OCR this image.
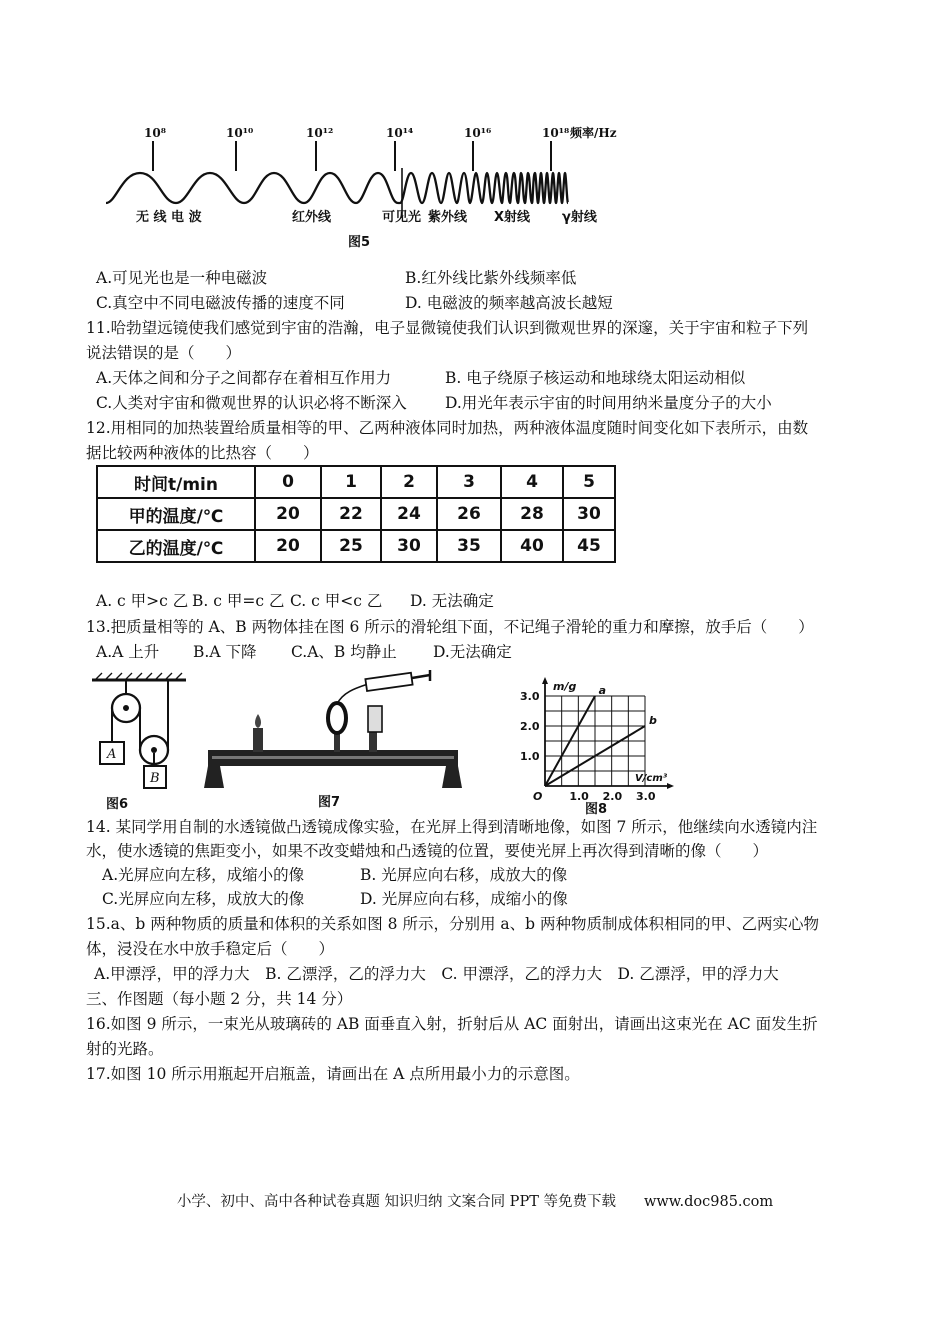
10⁸	10¹⁰	10¹²	10¹⁴	10¹⁶	10¹⁸ 频率/Hz
无 线 电 波	红外线	可见光 紫外线 X射线 γ射线
图5
A.可见光也是一种电磁波	B.红外线比紫外线频率低
C.真空中不同电磁波传播的速度不同	D. 电磁波的频率越高波长越短
11.哈勃望远镜使我们感觉到宇宙的浩瀚，电子显微镜使我们认识到微观世界的深邃，关于宇宙和粒子下列
说法错误的是（　　）
A.天体之间和分子之间都存在着相互作用力	B. 电子绕原子核运动和地球绕太阳运动相似
C.人类对宇宙和微观世界的认识必将不断深入 D.用光年表示宇宙的时间用纳米量度分子的大小
12.用相同的加热装置给质量相等的甲、乙两种液体同时加热，两种液体温度随时间变化如下表所示，由数
据比较两种液体的比热容（　　）
时间t/min	0	1	2	3	4	5
甲的温度/℃	20	22	24	26	28	30
乙的温度/℃	20	25	30	35	40	45
A. c 甲>c 乙 B. c 甲=c 乙 C. c 甲<c 乙 D. 无法确定
13.把质量相等的 A、B 两物体挂在图 6 所示的滑轮组下面，不记绳子滑轮的重力和摩擦，放手后（　　）
A.A 上升 B.A 下降 C.A、B 均静止 D.无法确定
A
B
图6	图7
3.0
2.0
1.0
1.0 2.0 3.0
O
m/g
V/cm³
a
b
图8
14. 某同学用自制的水透镜做凸透镜成像实验，在光屏上得到清晰地像，如图 7 所示，他继续向水透镜内注
水，使水透镜的焦距变小，如果不改变蜡烛和凸透镜的位置，要使光屏上再次得到清晰的像（　　）
A.光屏应向左移，成缩小的像	B. 光屏应向右移，成放大的像
C.光屏应向左移，成放大的像	D. 光屏应向右移，成缩小的像
15.a、b 两种物质的质量和体积的关系如图 8 所示，分别用 a、b 两种物质制成体积相同的甲、乙两实心物
体，浸没在水中放手稳定后（　　）
A.甲漂浮，甲的浮力大　B. 乙漂浮，乙的浮力大　C. 甲漂浮，乙的浮力大　D. 乙漂浮，甲的浮力大
三、作图题（每小题 2 分，共 14 分）
16.如图 9 所示，一束光从玻璃砖的 AB 面垂直入射，折射后从 AC 面射出，请画出这束光在 AC 面发生折
射的光路。
17.如图 10 所示用瓶起开启瓶盖，请画出在 A 点所用最小力的示意图。
小学、初中、高中各种试卷真题 知识归纳 文案合同 PPT 等免费下载 www.doc985.com
